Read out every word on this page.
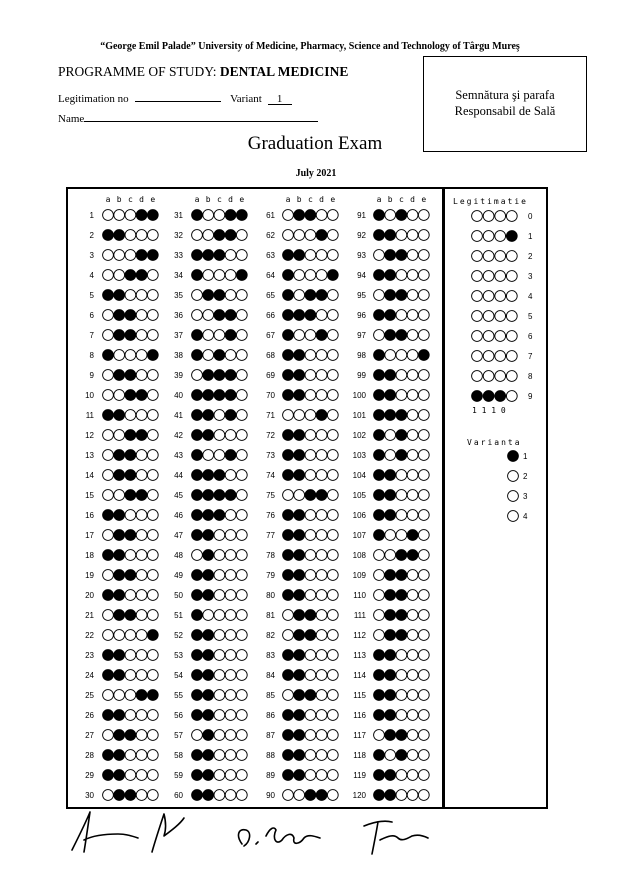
“George Emil Palade” University of Medicine, Pharmacy, Science and Technology of Târgu Mureş
PROGRAMME OF STUDY: DENTAL MEDICINE
Legitimation no	Variant 1
Name
Semnătura şi parafa
Responsabil de Sală
Graduation Exam
July 2021
a b c d e
1
2
3
4
5
6
7
8
9
10
11
12
13
14
15
16
17
18
19
20
21
22
23
24
25
26
27
28
29
30
a b c d e
31
32
33
34
35
36
37
38
39
40
41
42
43
44
45
46
47
48
49
50
51
52
53
54
55
56
57
58
59
60
a b c d e
61
62
63
64
65
66
67
68
69
70
71
72
73
74
75
76
77
78
79
80
81
82
83
84
85
86
87
88
89
90
a b c d e
91
92
93
94
95
96
97
98
99
100
101
102
103
104
105
106
107
108
109
110
111
112
113
114
115
116
117
118
119
120
Legitimatie
0
1
2
3
4
5
6
7
8
9
1 1 1 0
Varianta
1
2
3
4
